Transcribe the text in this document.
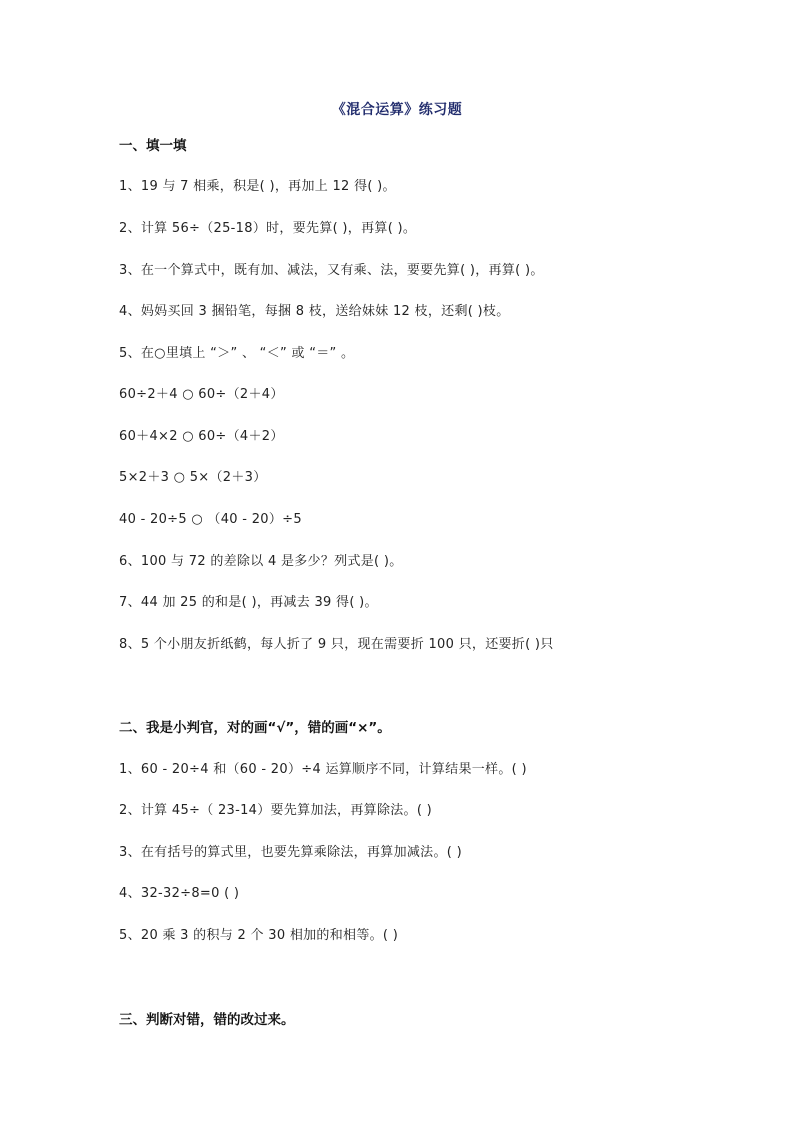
《混合运算》练习题
一、填一填
1、19 与 7 相乘，积是( )，再加上 12 得( )。
2、计算 56÷（25-18）时，要先算( )，再算( )。
3、在一个算式中，既有加、减法，又有乘、法，要要先算( )，再算( )。
4、妈妈买回 3 捆铅笔，每捆 8 枝，送给妹妹 12 枝，还剩( )枝。
5、在○里填上 “＞” 、 “＜” 或 “＝” 。
60÷2＋4 ○ 60÷（2＋4）
60＋4×2 ○ 60÷（4＋2）
5×2＋3 ○ 5×（2＋3）
40 - 20÷5 ○ （40 - 20）÷5
6、100 与 72 的差除以 4 是多少？列式是( )。
7、44 加 25 的和是( )，再减去 39 得( )。
8、5 个小朋友折纸鹤，每人折了 9 只，现在需要折 100 只，还要折( )只
二、我是小判官，对的画“√”，错的画“×”。
1、60 - 20÷4 和（60 - 20）÷4 运算顺序不同，计算结果一样。( )
2、计算 45÷（ 23-14）要先算加法，再算除法。( )
3、在有括号的算式里，也要先算乘除法，再算加减法。( )
4、32-32÷8=0 ( )
5、20 乘 3 的积与 2 个 30 相加的和相等。( )
三、判断对错，错的改过来。
